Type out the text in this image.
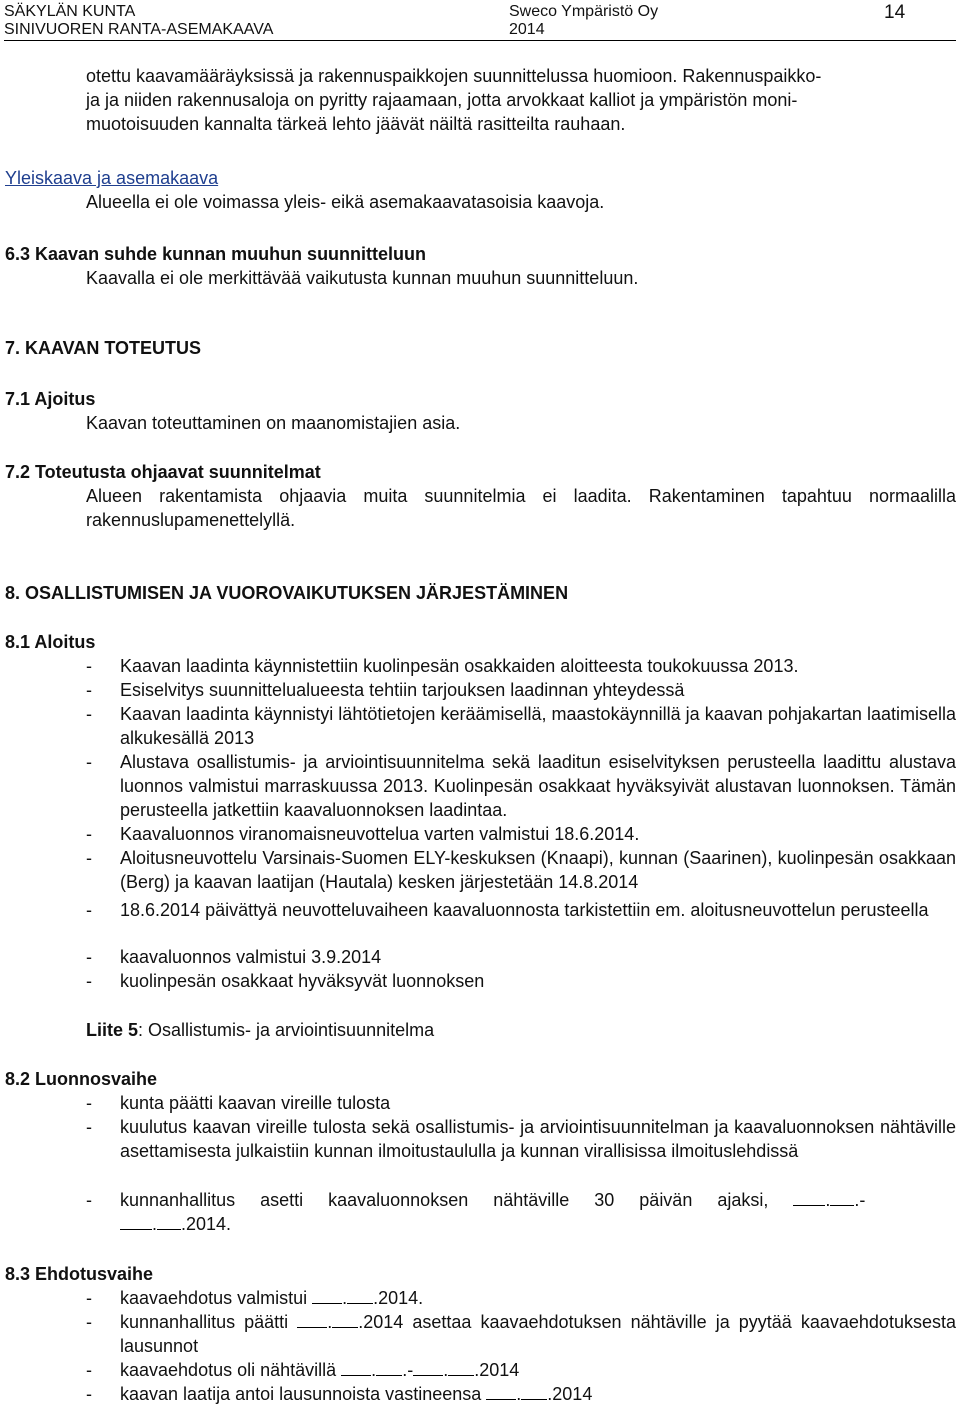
SÄKYLÄN KUNTA
SINIVUOREN RANTA-ASEMAKAAVA
Sweco Ympäristö Oy
2014
14

otettu kaavamääräyksissä ja rakennuspaikkojen suunnittelussa huomioon. Rakennuspaikko-

ja ja niiden rakennusaloja on pyritty rajaamaan, jotta arvokkaat kalliot ja ympäristön moni-

muotoisuuden kannalta tärkeä lehto jäävät näiltä rasitteilta rauhaan.

Yleiskaava ja asemakaava

Alueella ei ole voimassa yleis- eikä asemakaavatasoisia kaavoja.

6.3 Kaavan suhde kunnan muuhun suunnitteluun

Kaavalla ei ole merkittävää vaikutusta kunnan muuhun suunnitteluun.

7. KAAVAN TOTEUTUS

7.1 Ajoitus

Kaavan toteuttaminen on maanomistajien asia.

7.2 Toteutusta ohjaavat suunnitelmat

Alueen rakentamista ohjaavia muita suunnitelmia ei laadita. Rakentaminen tapahtuu normaalilla rakennuslupamenettelyllä.

8. OSALLISTUMISEN JA VUOROVAIKUTUKSEN JÄRJESTÄMINEN

8.1 Aloitus

-	Kaavan laadinta käynnistettiin kuolinpesän osakkaiden aloitteesta toukokuussa 2013.
-	Esiselvitys suunnittelualueesta tehtiin tarjouksen laadinnan yhteydessä
-	Kaavan laadinta käynnistyi lähtötietojen keräämisellä, maastokäynnillä ja kaavan pohjakartan laatimisella alkukesällä 2013
-	Alustava osallistumis- ja arviointisuunnitelma sekä laaditun esiselvityksen perusteella laadittu alustava luonnos valmistui marraskuussa 2013. Kuolinpesän osakkaat hyväksyivät alustavan luonnoksen. Tämän perusteella jatkettiin kaavaluonnoksen laadintaa.
-	Kaavaluonnos viranomaisneuvottelua varten valmistui 18.6.2014.
-	Aloitusneuvottelu Varsinais-Suomen ELY-keskuksen (Knaapi), kunnan (Saarinen), kuolinpesän osakkaan (Berg) ja kaavan laatijan (Hautala) kesken järjestetään 14.8.2014
-	18.6.2014 päivättyä neuvotteluvaiheen kaavaluonnosta tarkistettiin em. aloitusneuvottelun perusteella
-	kaavaluonnos valmistui 3.9.2014
-	kuolinpesän osakkaat hyväksyvät luonnoksen

Liite 5: Osallistumis- ja arviointisuunnitelma

8.2 Luonnosvaihe

-	kunta päätti kaavan vireille tulosta
-	kuulutus kaavan vireille tulosta sekä osallistumis- ja arviointisuunnitelman ja kaavaluonnoksen nähtäville asettamisesta julkaistiin kunnan ilmoitustaululla ja kunnan virallisissa ilmoituslehdissä
-	kunnanhallitus asetti kaavaluonnoksen nähtäville 30 päivän ajaksi,	. .-
. .2014.

8.3 Ehdotusvaihe

-	kaavaehdotus valmistui . .2014.
-	kunnanhallitus päätti . .2014 asettaa kaavaehdotuksen nähtäville ja pyytää kaavaehdotuksesta lausunnot
-	kaavaehdotus oli nähtävillä . .- . .2014
-	kaavan laatija antoi lausunnoista vastineensa . .2014
